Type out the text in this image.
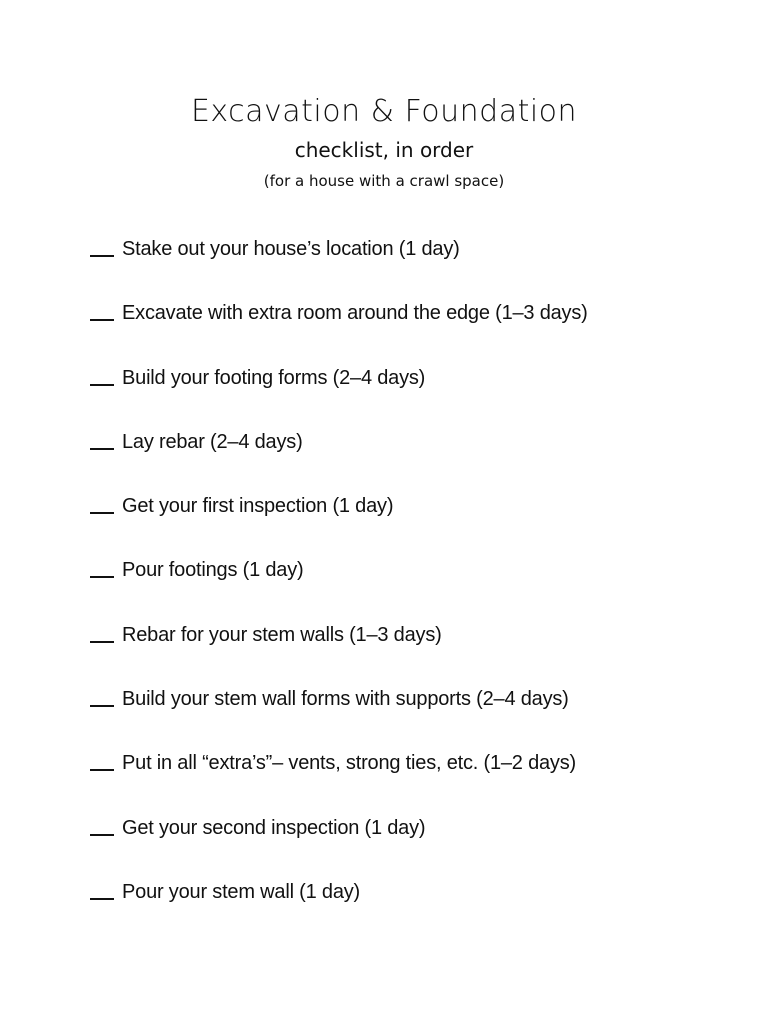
Excavation & Foundation
checklist, in order
(for a house with a crawl space)
Stake out your house’s location (1 day)
Excavate with extra room around the edge (1–3 days)
Build your footing forms (2–4 days)
Lay rebar (2–4 days)
Get your first inspection (1 day)
Pour footings (1 day)
Rebar for your stem walls (1–3 days)
Build your stem wall forms with supports (2–4 days)
Put in all “extra’s”– vents, strong ties, etc. (1–2 days)
Get your second inspection (1 day)
Pour your stem wall (1 day)
